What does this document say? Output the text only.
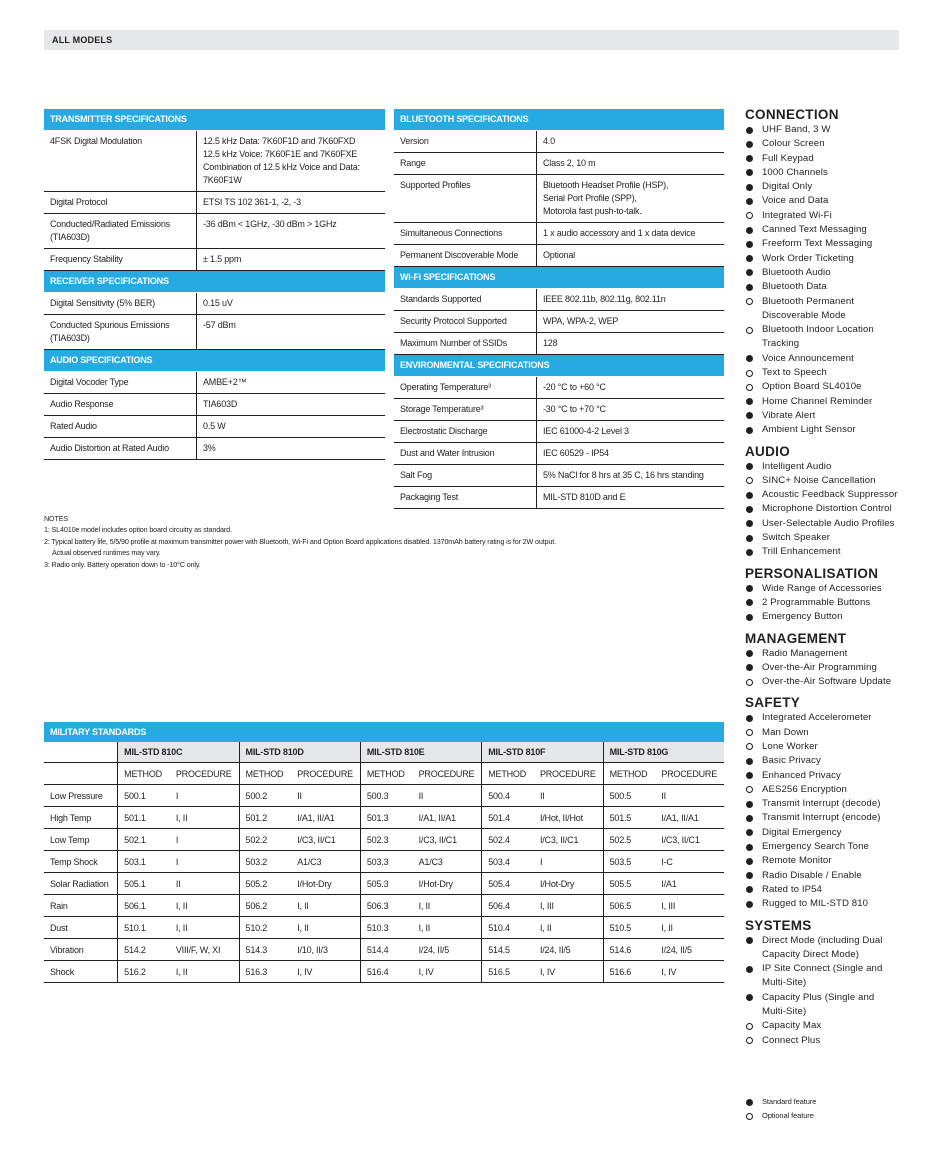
ALL MODELS
TRANSMITTER SPECIFICATIONS	
4FSK Digital Modulation	12.5 kHz Data: 7K60F1D and 7K60FXD
12.5 kHz Voice: 7K60F1E and 7K60FXE
Combination of 12.5 kHz Voice and Data:
7K60F1W
Digital Protocol	ETSI TS 102 361-1, -2, -3
Conducted/Radiated Emissions
(TIA603D)	-36 dBm < 1GHz, -30 dBm > 1GHz
Frequency Stability	± 1.5 ppm
RECEIVER SPECIFICATIONS	
Digital Sensitivity (5% BER)	0.15 uV
Conducted Spurious Emissions
(TIA603D)	-57 dBm
AUDIO SPECIFICATIONS	
Digital Vocoder Type	AMBE+2™
Audio Response	TIA603D
Rated Audio	0.5 W
Audio Distortion at Rated Audio	3%
BLUETOOTH SPECIFICATIONS	
Version	4.0
Range	Class 2, 10 m
Supported Profiles	Bluetooth Headset Profile (HSP),
Serial Port Profile (SPP),
Motorola fast push-to-talk.
Simultaneous Connections	1 x audio accessory and 1 x data device
Permanent Discoverable Mode	Optional
Wi-Fi SPECIFICATIONS	
Standards Supported	IEEE 802.11b, 802.11g, 802.11n
Security Protocol Supported	WPA, WPA-2, WEP
Maximum Number of SSIDs	128
ENVIRONMENTAL SPECIFICATIONS	
Operating Temperature³	-20 °C to +60 °C
Storage Temperature³	-30 °C to +70 °C
Electrostatic Discharge	IEC 61000-4-2 Level 3
Dust and Water Intrusion	IEC 60529 - IP54
Salt Fog	5% NaCl for 8 hrs at 35 C, 16 hrs standing
Packaging Test	MIL-STD 810D and E
NOTES
1: SL4010e model includes option board circuitry as standard.
2: Typical battery life, 5/5/90 profile at maximum transmitter power with Bluetooth, Wi-Fi and Option Board applications disabled. 1370mAh battery rating is for 2W output.
Actual observed runtimes may vary.
3: Radio only. Battery operation down to -10°C only.
MILITARY STANDARDS										
	MIL-STD 810C		MIL-STD 810D		MIL-STD 810E		MIL-STD 810F		MIL-STD 810G	
	METHOD	PROCEDURE	METHOD	PROCEDURE	METHOD	PROCEDURE	METHOD	PROCEDURE	METHOD	PROCEDURE
Low Pressure	500.1	I	500.2	II	500.3	II	500.4	II	500.5	II
High Temp	501.1	I, II	501.2	I/A1, II/A1	501.3	I/A1, II/A1	501.4	I/Hot, II/Hot	501.5	I/A1, II/A1
Low Temp	502.1	I	502.2	I/C3, II/C1	502.3	I/C3, II/C1	502.4	I/C3, II/C1	502.5	I/C3, II/C1
Temp Shock	503.1	I	503.2	A1/C3	503.3	A1/C3	503.4	I	503.5	I-C
Solar Radiation	505.1	II	505.2	I/Hot-Dry	505.3	I/Hot-Dry	505.4	I/Hot-Dry	505.5	I/A1
Rain	506.1	I, II	506.2	I, II	506.3	I, II	506.4	I, III	506.5	I, III
Dust	510.1	I, II	510.2	I, II	510.3	I, II	510.4	I, II	510.5	I, II
Vibration	514.2	VIII/F, W, XI	514.3	I/10, II/3	514.4	I/24, II/5	514.5	I/24, II/5	514.6	I/24, II/5
Shock	516.2	I, II	516.3	I, IV	516.4	I, IV	516.5	I, IV	516.6	I, IV
CONNECTION
UHF Band, 3 W
Colour Screen
Full Keypad
1000 Channels
Digital Only
Voice and Data
Integrated Wi-Fi
Canned Text Messaging
Freeform Text Messaging
Work Order Ticketing
Bluetooth Audio
Bluetooth Data
Bluetooth Permanent
Discoverable Mode
Bluetooth Indoor Location
Tracking
Voice Announcement
Text to Speech
Option Board SL4010e
Home Channel Reminder
Vibrate Alert
Ambient Light Sensor
AUDIO
Intelligent Audio
SINC+ Noise Cancellation
Acoustic Feedback Suppressor
Microphone Distortion Control
User-Selectable Audio Profiles
Switch Speaker
Trill Enhancement
PERSONALISATION
Wide Range of Accessories
2 Programmable Buttons
Emergency Button
MANAGEMENT
Radio Management
Over-the-Air Programming
Over-the-Air Software Update
SAFETY
Integrated Accelerometer
Man Down
Lone Worker
Basic Privacy
Enhanced Privacy
AES256 Encryption
Transmit Interrupt (decode)
Transmit Interrupt (encode)
Digital Emergency
Emergency Search Tone
Remote Monitor
Radio Disable / Enable
Rated to IP54
Rugged to MIL-STD 810
SYSTEMS
Direct Mode (including Dual
Capacity Direct Mode)
IP Site Connect (Single and
Multi-Site)
Capacity Plus (Single and
Multi-Site)
Capacity Max
Connect Plus
Standard feature
Optional feature
